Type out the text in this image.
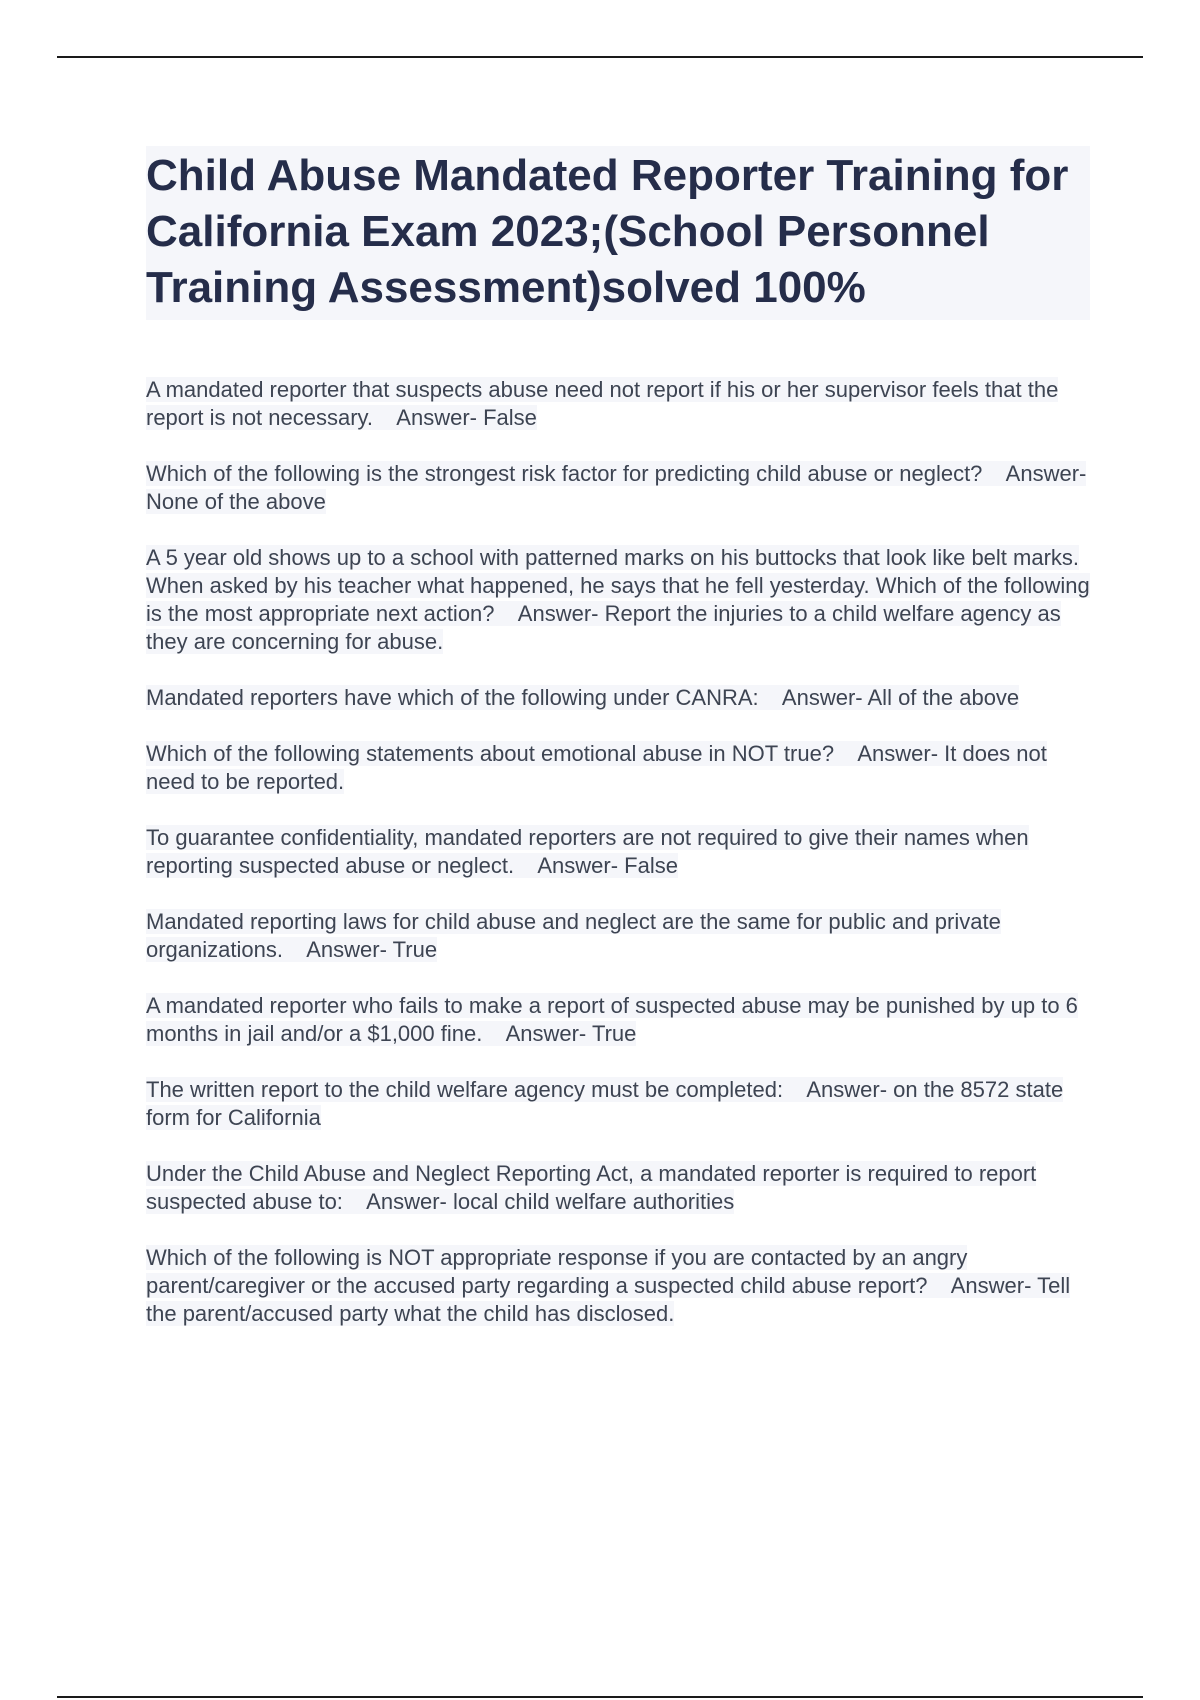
Child Abuse Mandated Reporter Training for California Exam 2023;(School Personnel Training Assessment)solved 100%
A mandated reporter that suspects abuse need not report if his or her supervisor feels that the report is not necessary. Answer- False
Which of the following is the strongest risk factor for predicting child abuse or neglect? Answer- None of the above
A 5 year old shows up to a school with patterned marks on his buttocks that look like belt marks. When asked by his teacher what happened, he says that he fell yesterday. Which of the following is the most appropriate next action? Answer- Report the injuries to a child welfare agency as they are concerning for abuse.
Mandated reporters have which of the following under CANRA: Answer- All of the above
Which of the following statements about emotional abuse in NOT true? Answer- It does not need to be reported.
To guarantee confidentiality, mandated reporters are not required to give their names when reporting suspected abuse or neglect. Answer- False
Mandated reporting laws for child abuse and neglect are the same for public and private organizations. Answer- True
A mandated reporter who fails to make a report of suspected abuse may be punished by up to 6 months in jail and/or a $1,000 fine. Answer- True
The written report to the child welfare agency must be completed: Answer- on the 8572 state form for California
Under the Child Abuse and Neglect Reporting Act, a mandated reporter is required to report suspected abuse to: Answer- local child welfare authorities
Which of the following is NOT appropriate response if you are contacted by an angry parent/caregiver or the accused party regarding a suspected child abuse report? Answer- Tell the parent/accused party what the child has disclosed.
